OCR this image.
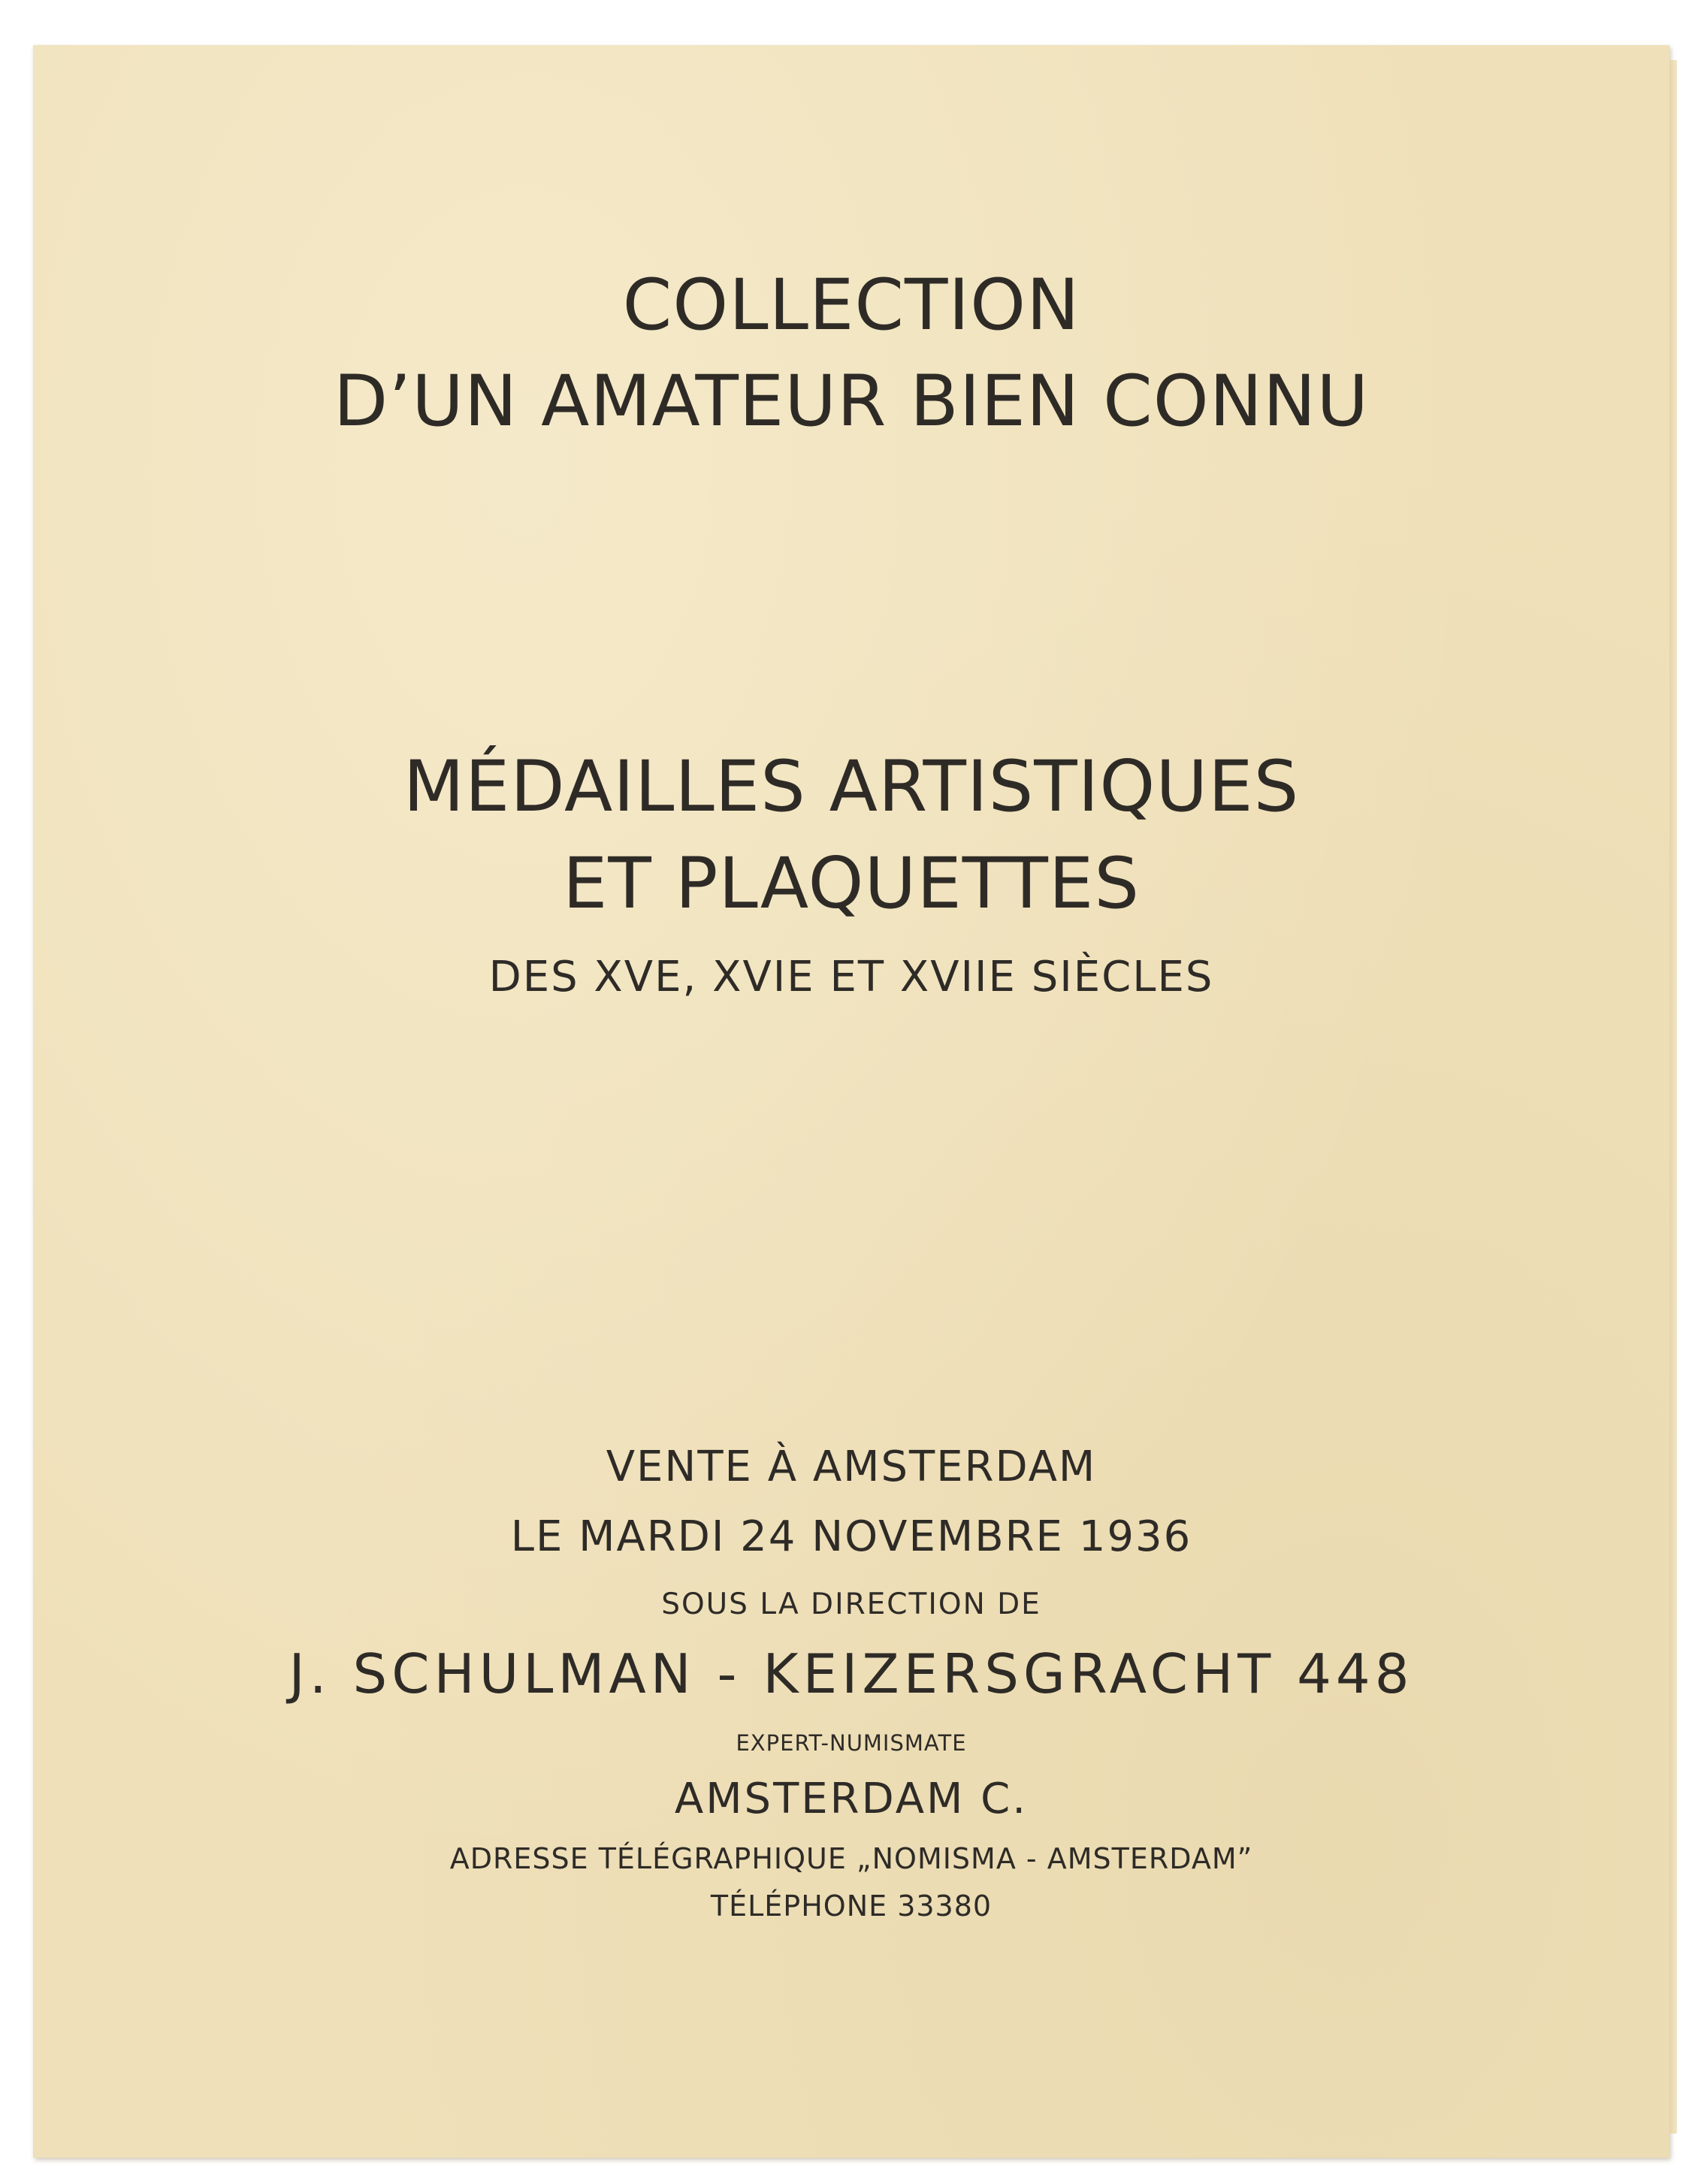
COLLECTION
D’UN AMATEUR BIEN CONNU
MÉDAILLES ARTISTIQUES
ET PLAQUETTES
DES XVE, XVIE ET XVIIE SIÈCLES
VENTE À AMSTERDAM
LE MARDI 24 NOVEMBRE 1936
SOUS LA DIRECTION DE
J. SCHULMAN - KEIZERSGRACHT 448
EXPERT-NUMISMATE
AMSTERDAM C.
ADRESSE TÉLÉGRAPHIQUE „NOMISMA - AMSTERDAM”
TÉLÉPHONE 33380
